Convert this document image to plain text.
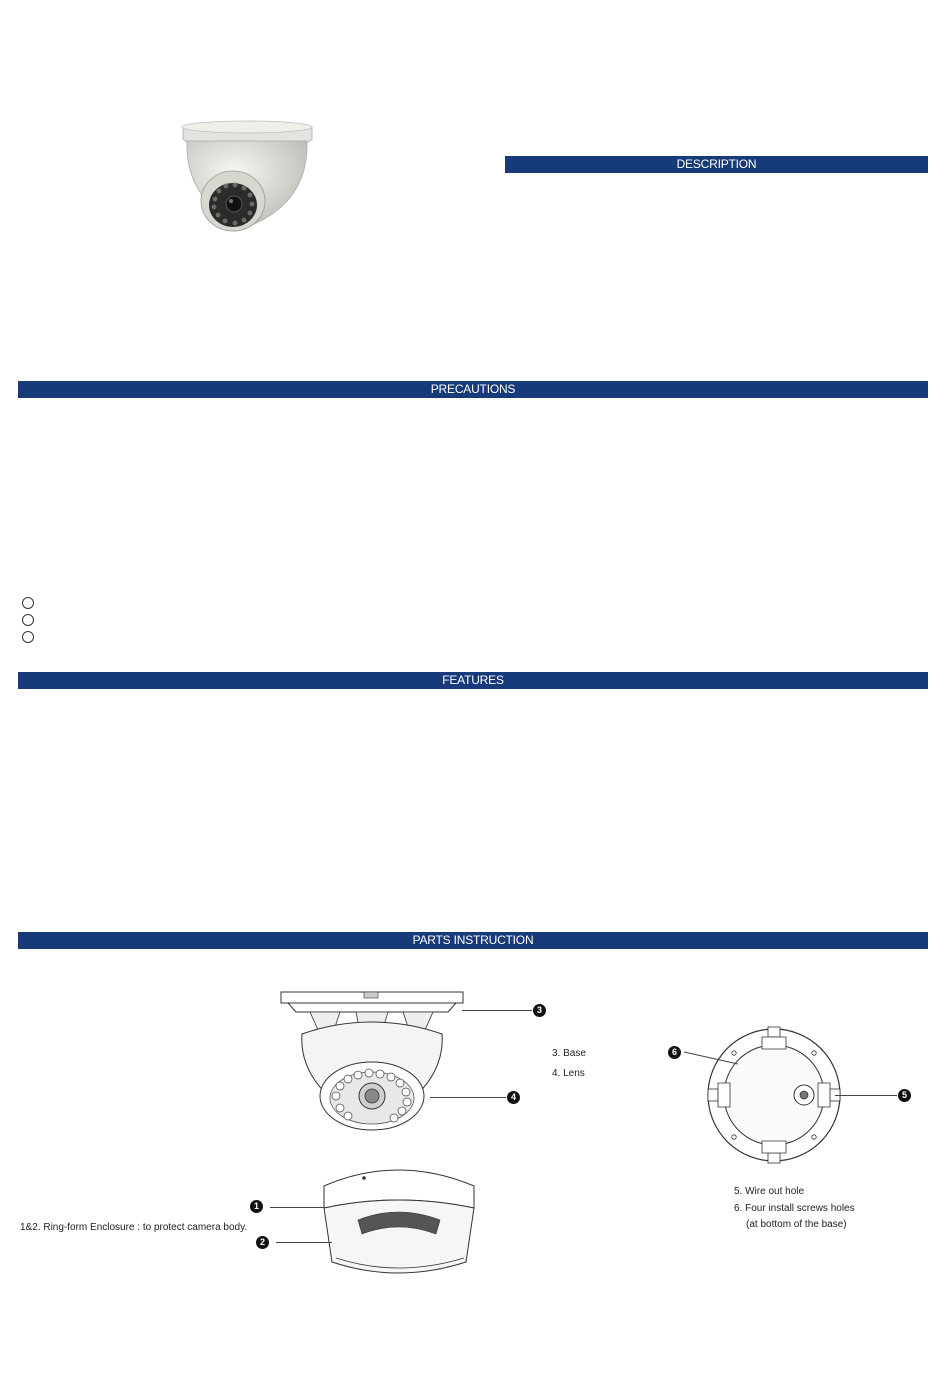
DESCRIPTION
PRECAUTIONS
FEATURES
PARTS INSTRUCTION
3
4
6
5
1
2
3. Base
4. Lens
1&2. Ring-form Enclosure : to protect camera body.
5. Wire out hole
6. Four install screws holes
(at bottom of the base)
